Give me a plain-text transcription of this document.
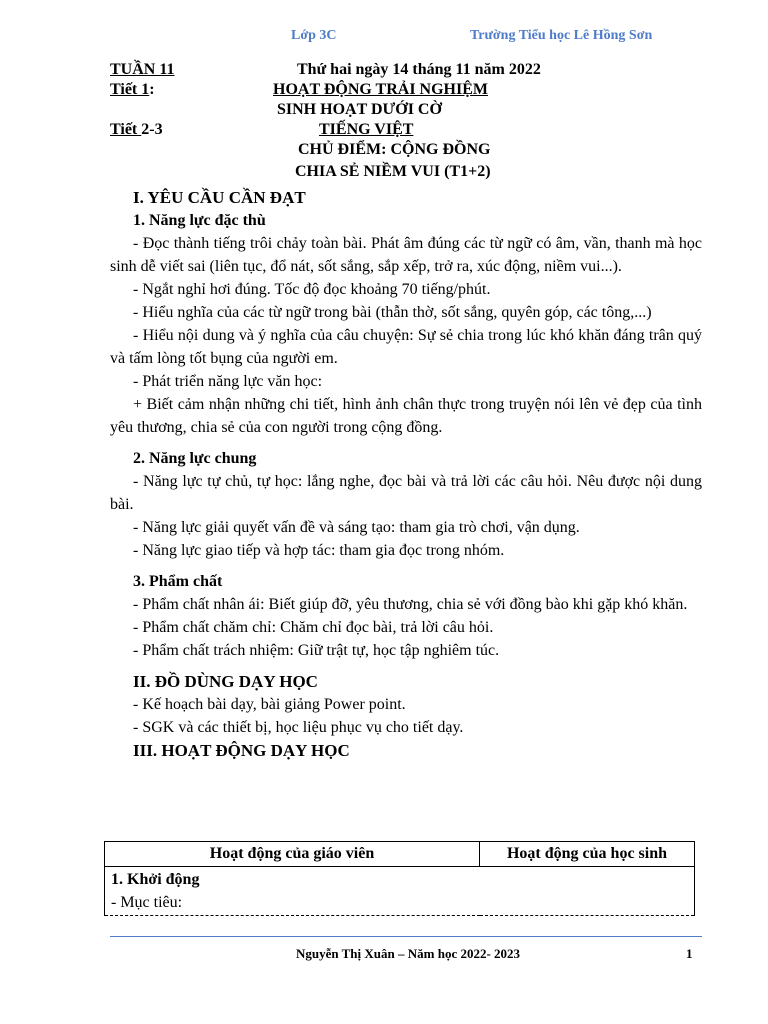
Lớp 3C	Trường Tiểu học Lê Hồng Sơn
TUẦN 11	Thứ hai ngày 14 tháng 11 năm 2022
Tiết 1:	HOẠT ĐỘNG TRẢI NGHIỆM
SINH HOẠT DƯỚI CỜ
Tiết 2-3	TIẾNG VIỆT
CHỦ ĐIỂM: CỘNG ĐỒNG
CHIA SẺ NIỀM VUI (T1+2)

I. YÊU CẦU CẦN ĐẠT

1. Năng lực đặc thù

- Đọc thành tiếng trôi chảy toàn bài. Phát âm đúng các từ ngữ có âm, vần, thanh mà học sinh dễ viết sai (liên tục, đổ nát, sốt sắng, sắp xếp, trở ra, xúc động, niềm vui...).

- Ngắt nghỉ hơi đúng. Tốc độ đọc khoảng 70 tiếng/phút.

- Hiểu nghĩa của các từ ngữ trong bài (thẫn thờ, sốt sắng, quyên góp, các tông,...)

- Hiểu nội dung và ý nghĩa của câu chuyện: Sự sẻ chia trong lúc khó khăn đáng trân quý và tấm lòng tốt bụng của người em.

- Phát triển năng lực văn học:

+ Biết cảm nhận những chi tiết, hình ảnh chân thực trong truyện nói lên vẻ đẹp của tình yêu thương, chia sẻ của con người trong cộng đồng.

2. Năng lực chung

- Năng lực tự chủ, tự học: lắng nghe, đọc bài và trả lời các câu hỏi. Nêu được nội dung bài.

- Năng lực giải quyết vấn đề và sáng tạo: tham gia trò chơi, vận dụng.

- Năng lực giao tiếp và hợp tác: tham gia đọc trong nhóm.

3. Phẩm chất

- Phẩm chất nhân ái: Biết giúp đỡ, yêu thương, chia sẻ với đồng bào khi gặp khó khăn.

- Phẩm chất chăm chỉ: Chăm chỉ đọc bài, trả lời câu hỏi.

- Phẩm chất trách nhiệm: Giữ trật tự, học tập nghiêm túc.

II. ĐỒ DÙNG DẠY HỌC

- Kế hoạch bài dạy, bài giảng Power point.

- SGK và các thiết bị, học liệu phục vụ cho tiết dạy.

III. HOẠT ĐỘNG DẠY HỌC

Hoạt động của giáo viên	Hoạt động của học sinh

1. Khởi động
- Mục tiêu:
Nguyễn Thị Xuân – Năm học 2022- 2023	1
